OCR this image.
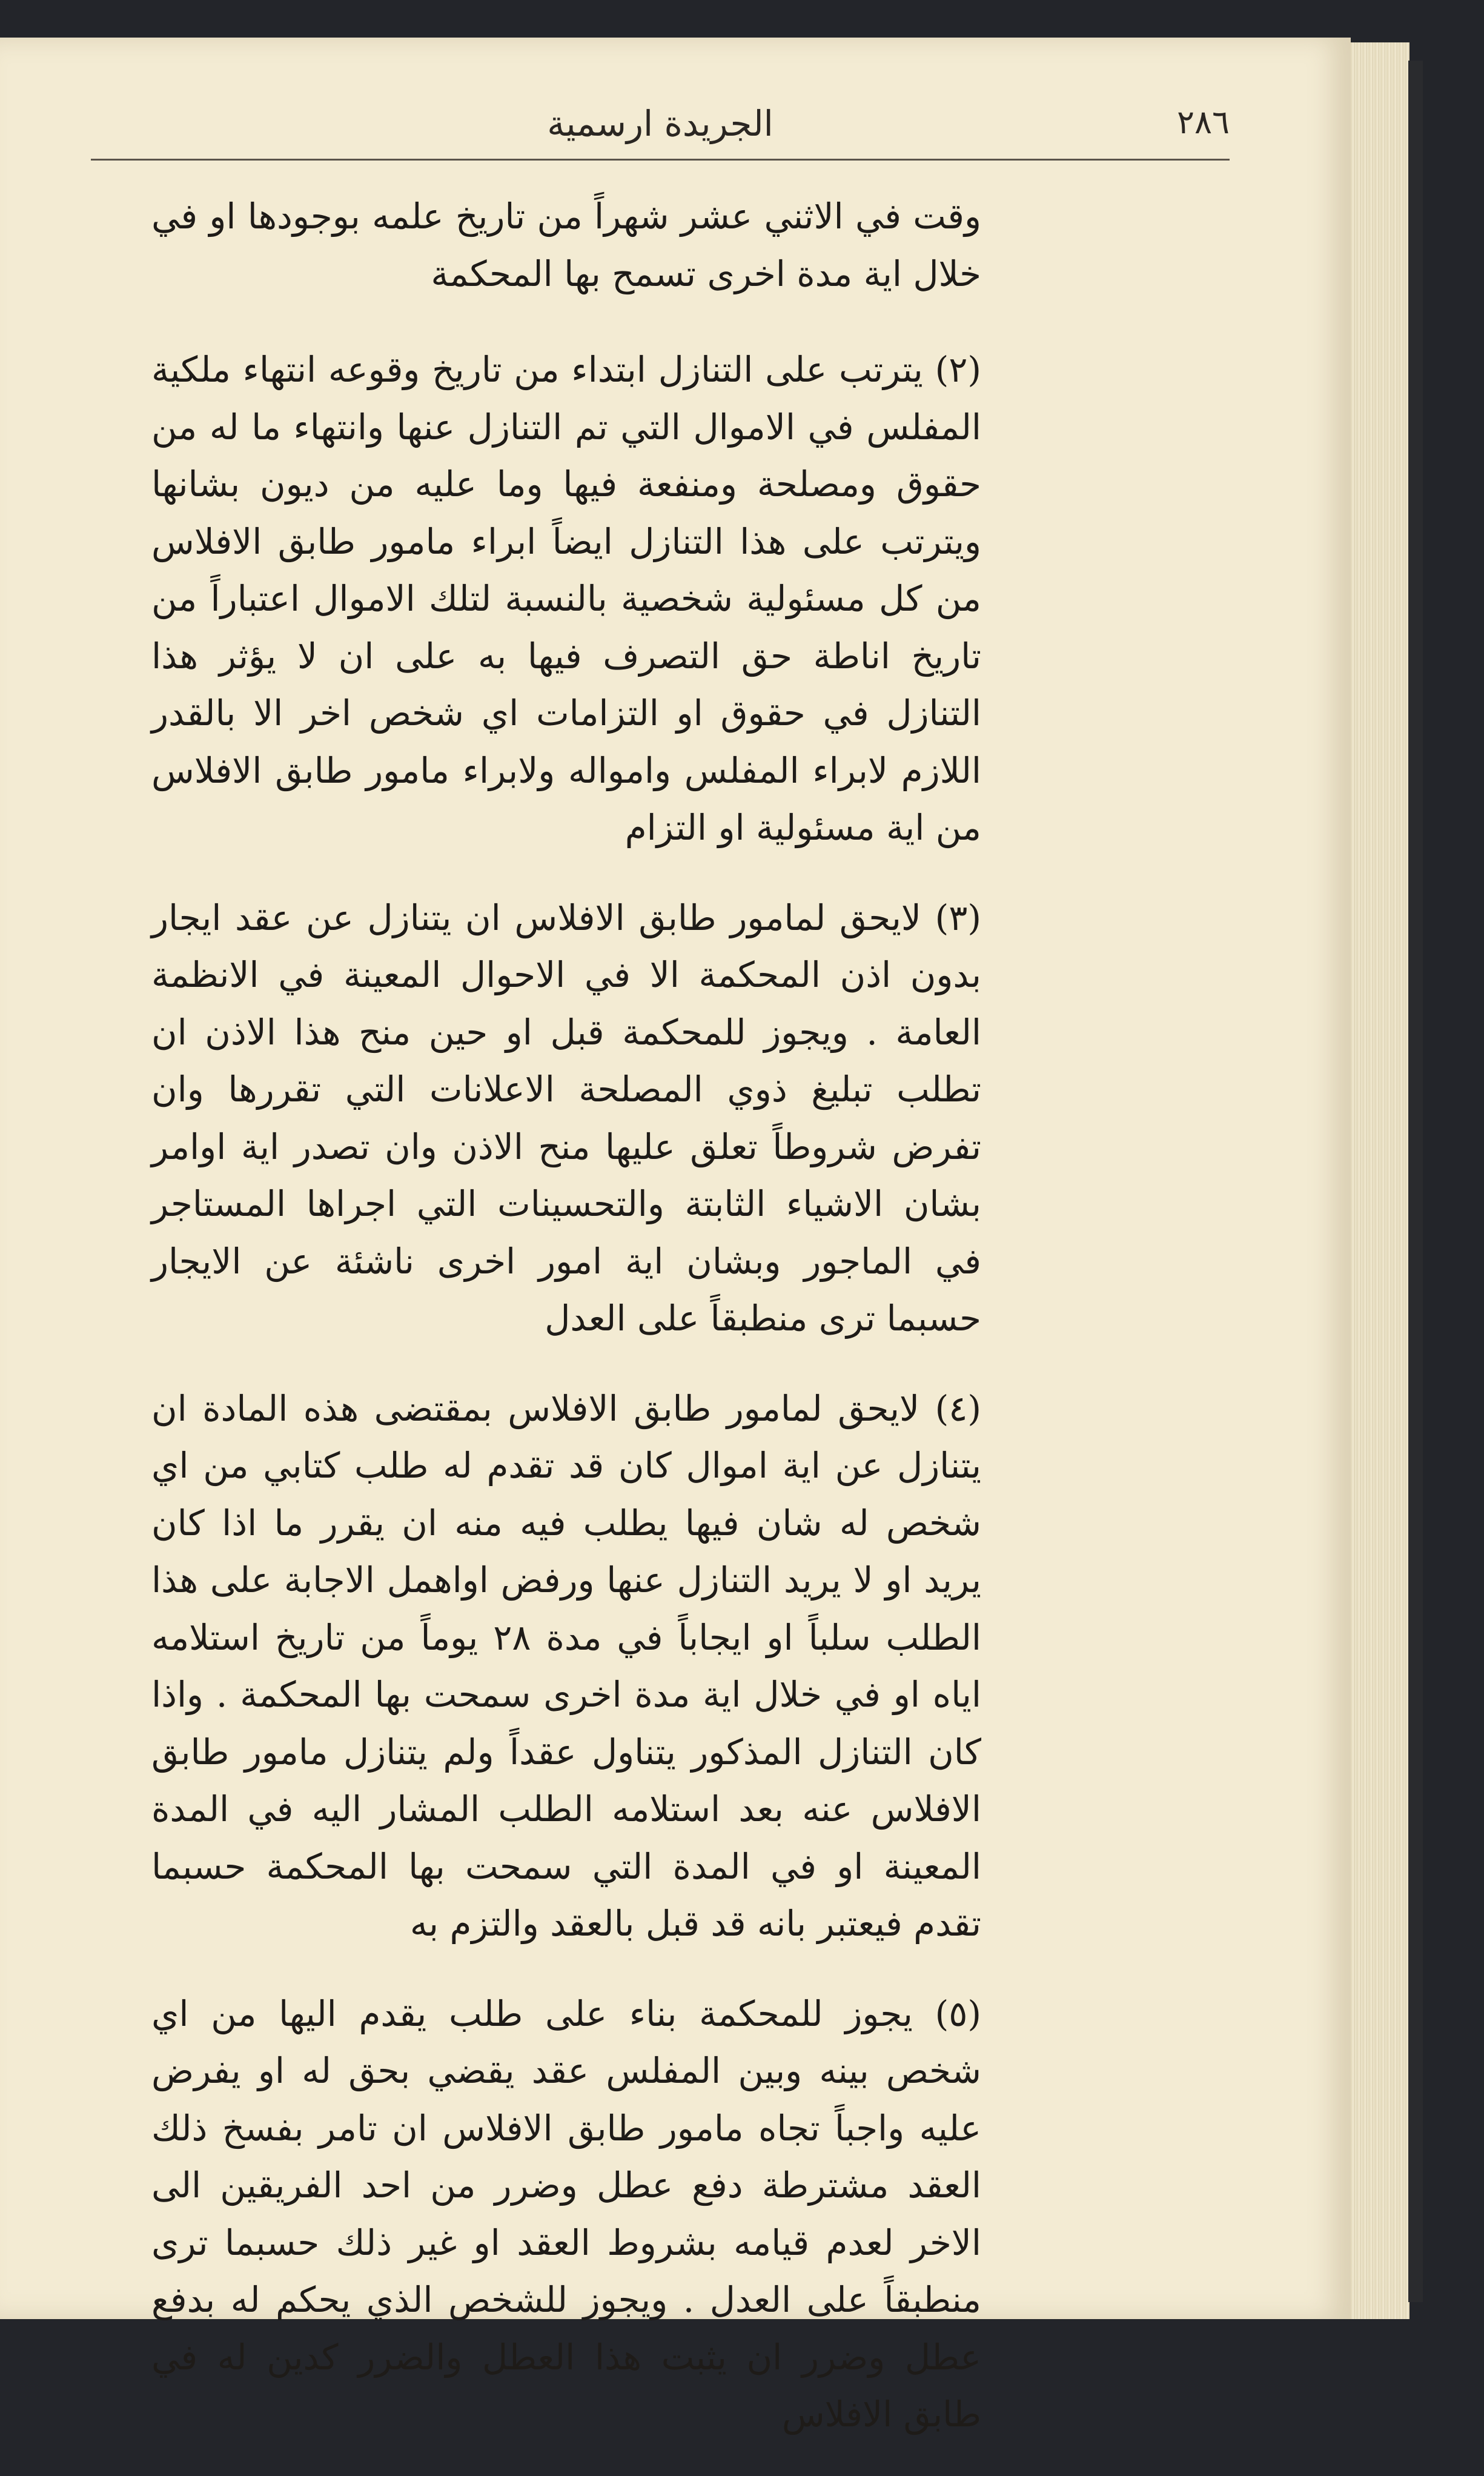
٢٨٦
الجريدة ارسمية

وقت في الاثني عشر شهراً من تاريخ علمه بوجودها او في خلال اية مدة اخرى تسمح بها المحكمة

(٢) يترتب على التنازل ابتداء من تاريخ وقوعه انتهاء ملكية المفلس في الاموال التي تم التنازل عنها وانتهاء ما له من حقوق ومصلحة ومنفعة فيها وما عليه من ديون بشانها ويترتب على هذا التنازل ايضاً ابراء مامور طابق الافلاس من كل مسئولية شخصية بالنسبة لتلك الاموال اعتباراً من تاريخ اناطة حق التصرف فيها به على ان لا يؤثر هذا التنازل في حقوق او التزامات اي شخص اخر الا بالقدر اللازم لابراء المفلس وامواله ولابراء مامور طابق الافلاس من اية مسئولية او التزام

(٣) لايحق لمامور طابق الافلاس ان يتنازل عن عقد ايجار بدون اذن المحكمة الا في الاحوال المعينة في الانظمة العامة . ويجوز للمحكمة قبل او حين منح هذا الاذن ان تطلب تبليغ ذوي المصلحة الاعلانات التي تقررها وان تفرض شروطاً تعلق عليها منح الاذن وان تصدر اية اوامر بشان الاشياء الثابتة والتحسينات التي اجراها المستاجر في الماجور وبشان اية امور اخرى ناشئة عن الايجار حسبما ترى منطبقاً على العدل

(٤) لايحق لمامور طابق الافلاس بمقتضى هذه المادة ان يتنازل عن اية اموال كان قد تقدم له طلب كتابي من اي شخص له شان فيها يطلب فيه منه ان يقرر ما اذا كان يريد او لا يريد التنازل عنها ورفض اواهمل الاجابة على هذا الطلب سلباً او ايجاباً في مدة ٢٨ يوماً من تاريخ استلامه اياه او في خلال اية مدة اخرى سمحت بها المحكمة . واذا كان التنازل المذكور يتناول عقداً ولم يتنازل مامور طابق الافلاس عنه بعد استلامه الطلب المشار اليه في المدة المعينة او في المدة التي سمحت بها المحكمة حسبما تقدم فيعتبر بانه قد قبل بالعقد والتزم به

(٥) يجوز للمحكمة بناء على طلب يقدم اليها من اي شخص بينه وبين المفلس عقد يقضي بحق له او يفرض عليه واجباً تجاه مامور طابق الافلاس ان تامر بفسخ ذلك العقد مشترطة دفع عطل وضرر من احد الفريقين الى الاخر لعدم قيامه بشروط العقد او غير ذلك حسبما ترى منطبقاً على العدل . ويجوز للشخص الذي يحكم له بدفع عطل وضرر ان يثبت هذا العطل والضرر كدين له في طابق الافلاس
